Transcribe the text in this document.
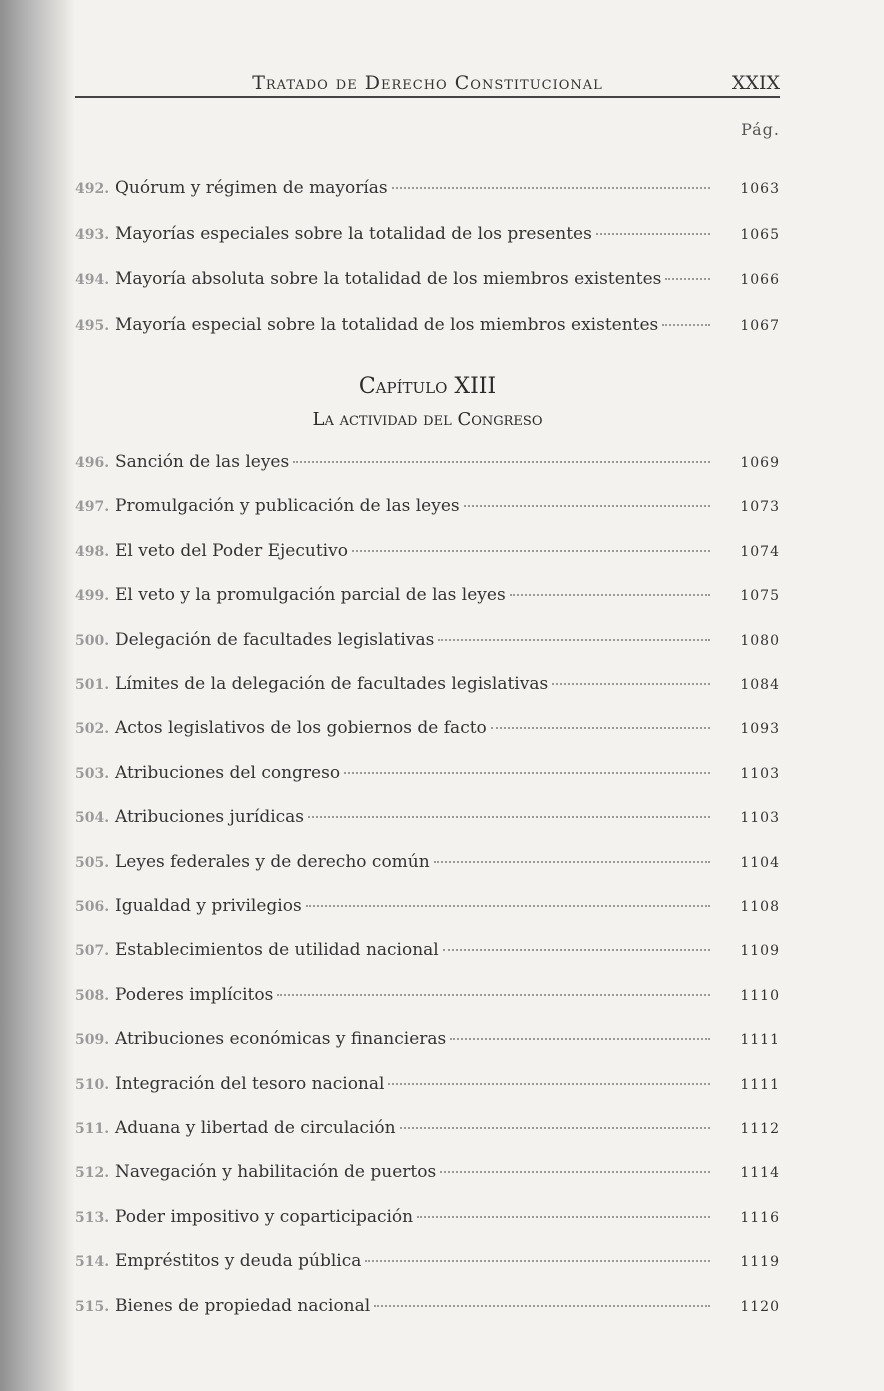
Tratado de Derecho Constitucional	XXIX
Pág.
492. Quórum y régimen de mayorías	1063
493. Mayorías especiales sobre la totalidad de los presentes	1065
494. Mayoría absoluta sobre la totalidad de los miembros existentes	1066
495. Mayoría especial sobre la totalidad de los miembros existentes	1067
Capítulo XIII
La actividad del Congreso
496. Sanción de las leyes	1069
497. Promulgación y publicación de las leyes	1073
498. El veto del Poder Ejecutivo	1074
499. El veto y la promulgación parcial de las leyes	1075
500. Delegación de facultades legislativas	1080
501. Límites de la delegación de facultades legislativas	1084
502. Actos legislativos de los gobiernos de facto	1093
503. Atribuciones del congreso	1103
504. Atribuciones jurídicas	1103
505. Leyes federales y de derecho común	1104
506. Igualdad y privilegios	1108
507. Establecimientos de utilidad nacional	1109
508. Poderes implícitos	1110
509. Atribuciones económicas y financieras	1111
510. Integración del tesoro nacional	1111
511. Aduana y libertad de circulación	1112
512. Navegación y habilitación de puertos	1114
513. Poder impositivo y coparticipación	1116
514. Empréstitos y deuda pública	1119
515. Bienes de propiedad nacional	1120
